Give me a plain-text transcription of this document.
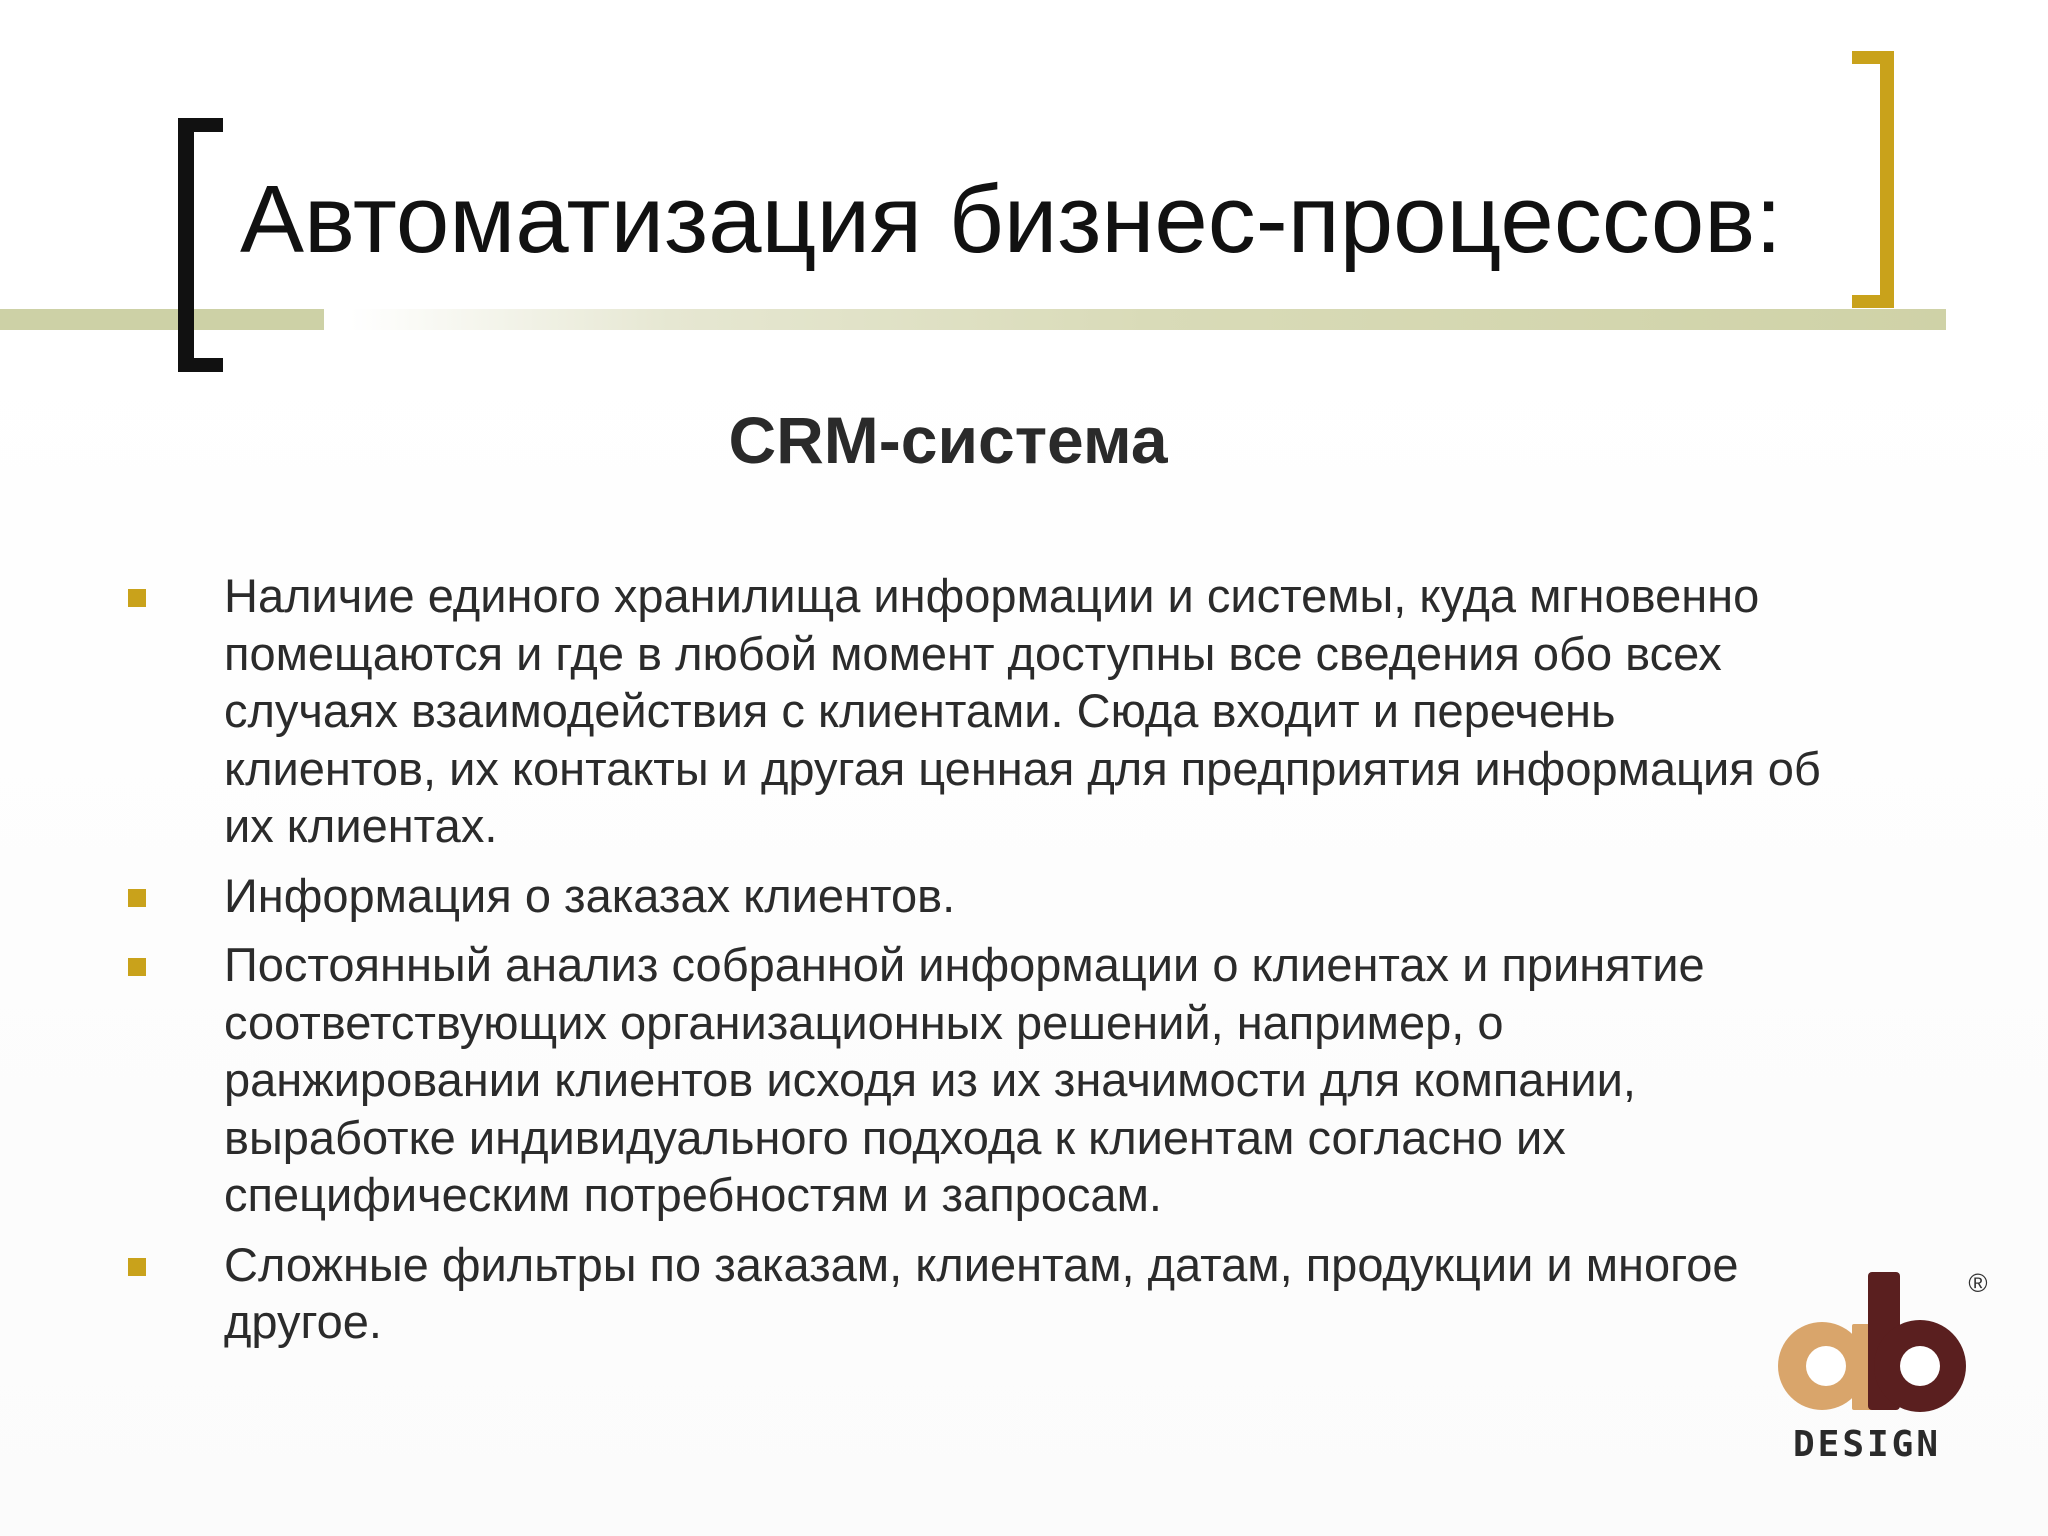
Автоматизация бизнес-процессов:
CRM-система
Наличие единого хранилища информации и системы, куда мгновенно помещаются и где в любой момент доступны все сведения обо всех случаях взаимодействия с клиентами. Сюда входит и перечень клиентов, их контакты и другая ценная для предприятия информация об их клиентах.
Информация о заказах клиентов.
Постоянный анализ собранной информации о клиентах и принятие соответствующих организационных решений, например, о ранжировании клиентов исходя из их значимости для компании, выработке индивидуального подхода к клиентам согласно их специфическим потребностям и запросам.
Сложные фильтры по заказам, клиентам, датам, продукции и многое другое.
®
DESIGN
